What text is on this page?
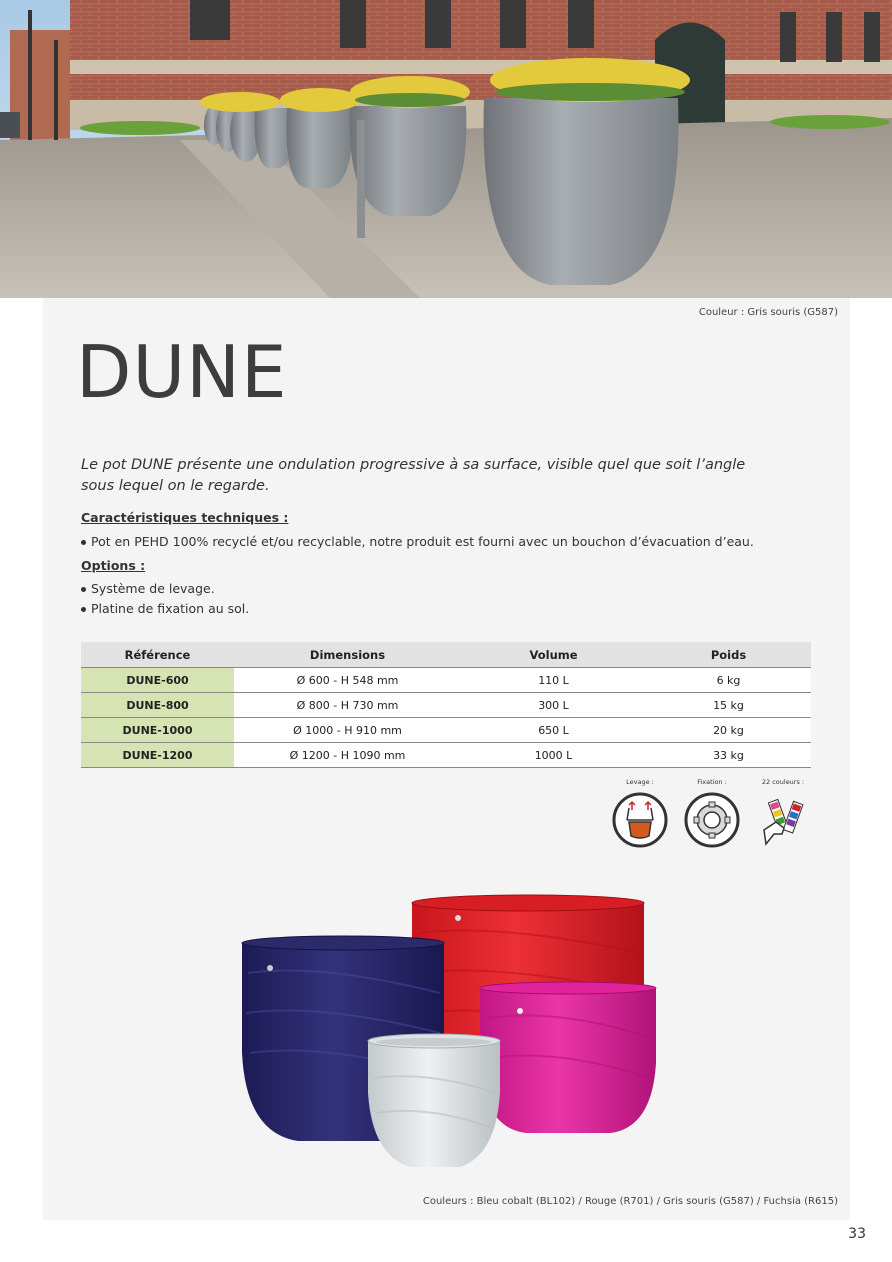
Couleur : Gris souris (G587)
DUNE

Le pot DUNE présente une ondulation progressive à sa surface, visible quel que soit l’angle sous lequel on le regarde.

Caractéristiques techniques :
Pot en PEHD 100% recyclé et/ou recyclable, notre produit est fourni avec un bouchon d’évacuation d’eau.
Options :
Système de levage.
Platine de fixation au sol.
Référence	Dimensions	Volume	Poids
DUNE-600	Ø 600 - H 548 mm	110 L	6 kg
DUNE-800	Ø 800 - H 730 mm	300 L	15 kg
DUNE-1000	Ø 1000 - H 910 mm	650 L	20 kg
DUNE-1200	Ø 1200 - H 1090 mm	1000 L	33 kg
Levage :	Fixation :	22 couleurs :
Couleurs : Bleu cobalt (BL102) / Rouge (R701) / Gris souris (G587) / Fuchsia (R615)
33
